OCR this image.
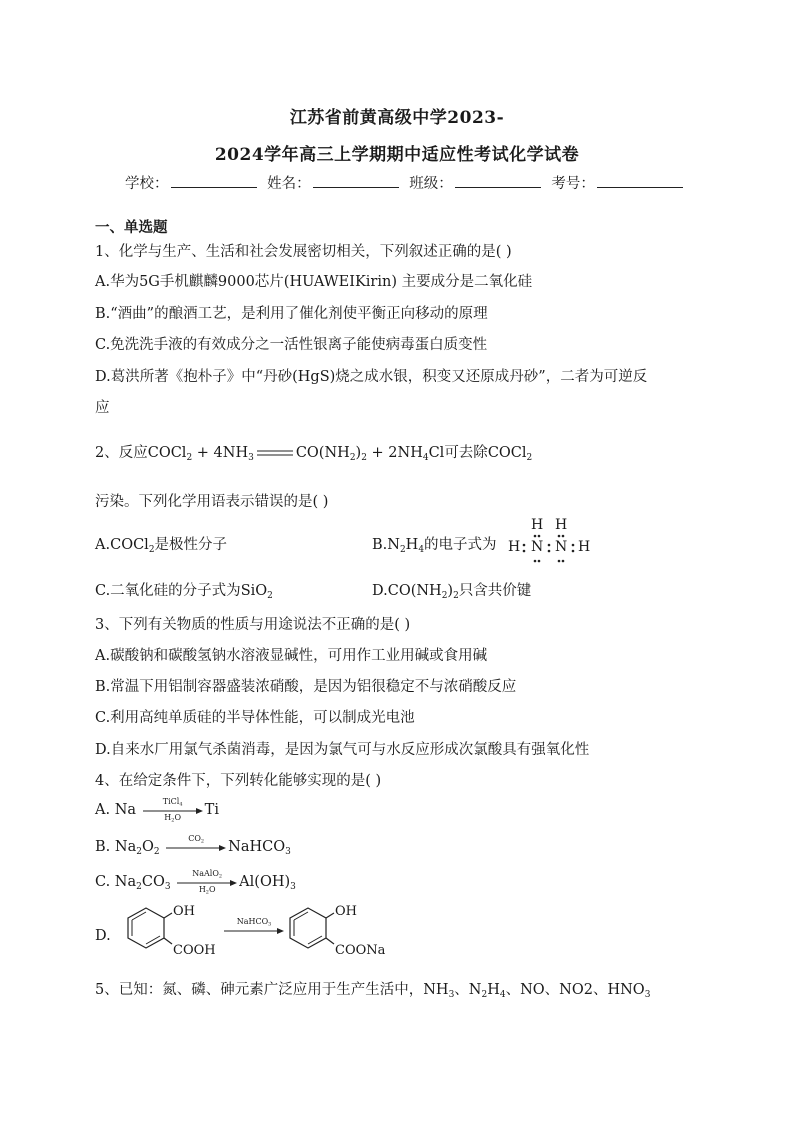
江苏省前黄高级中学2023-
2024学年高三上学期期中适应性考试化学试卷
学校：	姓名：	班级：	考号：
一、单选题
1、化学与生产、生活和社会发展密切相关，下列叙述正确的是( )
A.华为5G手机麒麟9000芯片(HUAWEIKirin) 主要成分是二氧化硅
B.“酒曲”的酿酒工艺，是利用了催化剂使平衡正向移动的原理
C.免洗洗手液的有效成分之一活性银离子能使病毒蛋白质变性
D.葛洪所著《抱朴子》中“丹砂(HgS)烧之成水银，积变又还原成丹砂”，二者为可逆反
应
2、反应COCl$_2$ + $4NH_3$	$CO(NH_2)_2 + 2NH_4Cl$可去除COCl$_2$
污染。下列化学用语表示错误的是( )
A.COCl$_2$是极性分子	$B.N_2H_4$的电子式为
H H
H N N H
C.二氧化硅的分子式为SiO$_2$	$D.CO(NH_2)_2$只含共价键
3、下列有关物质的性质与用途说法不正确的是( )
A.碳酸钠和碳酸氢钠水溶液显碱性，可用作工业用碱或食用碱
B.常温下用铝制容器盛装浓硝酸，是因为铝很稳定不与浓硝酸反应
C.利用高纯单质硅的半导体性能，可以制成光电池
D.自来水厂用氯气杀菌消毒，是因为氯气可与水反应形成次氯酸具有强氧化性
4、在给定条件下，下列转化能够实现的是( )
A. Na
TiCl$_4$
$H_2O$	Ti
B. $Na_2O_2$
$CO_2$	NaHCO$_3$
C. $Na_2CO_3$
NaAlO$_2$
$H_2O$	$Al(OH)_3$
D.
OH
COOH
NaHCO$_3$
OH
COONa
5、已知：氮、磷、砷元素广泛应用于生产生活中，$NH_3$、$N_2H_4$、NO、NO2、$HNO_3$
